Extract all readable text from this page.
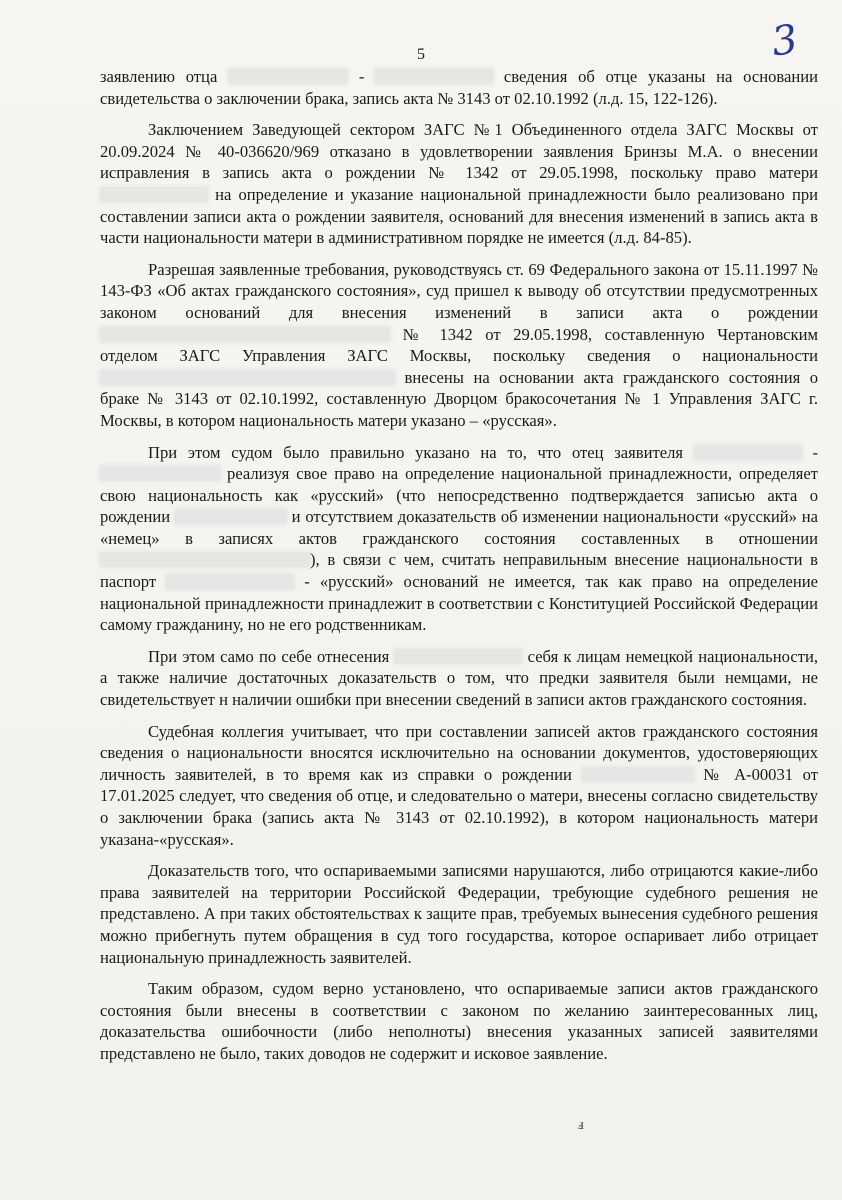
5	3

заявлению отца	-	сведения об отце указаны на основании свидетельства о заключении брака, запись акта № 3143 от 02.10.1992 (л.д. 15, 122-126).

Заключением Заведующей сектором ЗАГС №1 Объединенного отдела ЗАГС Москвы от 20.09.2024 № 40-036620/969 отказано в удовлетворении заявления Бринзы М.А. о внесении исправления в запись акта о рождении № 1342 от 29.05.1998, поскольку право матери  на определение и указание национальной принадлежности было реализовано при составлении записи акта о рождении заявителя, оснований для внесения изменений в запись акта в части национальности матери в административном порядке не имеется (л.д. 84-85).

Разрешая заявленные требования, руководствуясь ст. 69 Федерального закона от 15.11.1997 № 143-ФЗ «Об актах гражданского состояния», суд пришел к выводу об отсутствии предусмотренных законом оснований для внесения изменений в записи акта о рождении  № 1342 от 29.05.1998, составленную Чертановским отделом ЗАГС Управления ЗАГС Москвы, поскольку сведения о национальности  внесены на основании акта гражданского состояния о браке № 3143 от 02.10.1992, составленную Дворцом бракосочетания № 1 Управления ЗАГС г. Москвы, в котором национальность матери указано – «русская».

При этом судом было правильно указано на то, что отец заявителя	-  реализуя свое право на определение национальной принадлежности, определяет свою национальность как «русский» (что непосредственно подтверждается записью акта о рождении	и отсутствием доказательств об изменении национальности «русский» на «немец» в записях актов гражданского состояния составленных в отношении ), в связи с чем, считать неправильным внесение национальности в паспорт	- «русский» оснований не имеется, так как право на определение национальной принадлежности принадлежит в соответствии с Конституцией Российской Федерации самому гражданину, но не его родственникам.

При этом само по себе отнесения	себя к лицам немецкой национальности, а также наличие достаточных доказательств о том, что предки заявителя были немцами, не свидетельствует н наличии ошибки при внесении сведений в записи актов гражданского состояния.

Судебная коллегия учитывает, что при составлении записей актов гражданского состояния сведения о национальности вносятся исключительно на основании документов, удостоверяющих личность заявителей, в то время как из справки о рождении	№ А-00031 от 17.01.2025 следует, что сведения об отце, и следовательно о матери, внесены согласно свидетельству о заключении брака (запись акта № 3143 от 02.10.1992), в котором национальность матери указана-«русская».

Доказательств того, что оспариваемыми записями нарушаются, либо отрицаются какие-либо права заявителей на территории Российской Федерации, требующие судебного решения не представлено. А при таких обстоятельствах к защите прав, требуемых вынесения судебного решения можно прибегнуть путем обращения в суд того государства, которое оспаривает либо отрицает национальную принадлежность заявителей.

Таким образом, судом верно установлено, что оспариваемые записи актов гражданского состояния были внесены в соответствии с законом по желанию заинтересованных лиц, доказательства ошибочности (либо неполноты) внесения указанных записей заявителями представлено не было, таких доводов не содержит и исковое заявление.

ⅎ
